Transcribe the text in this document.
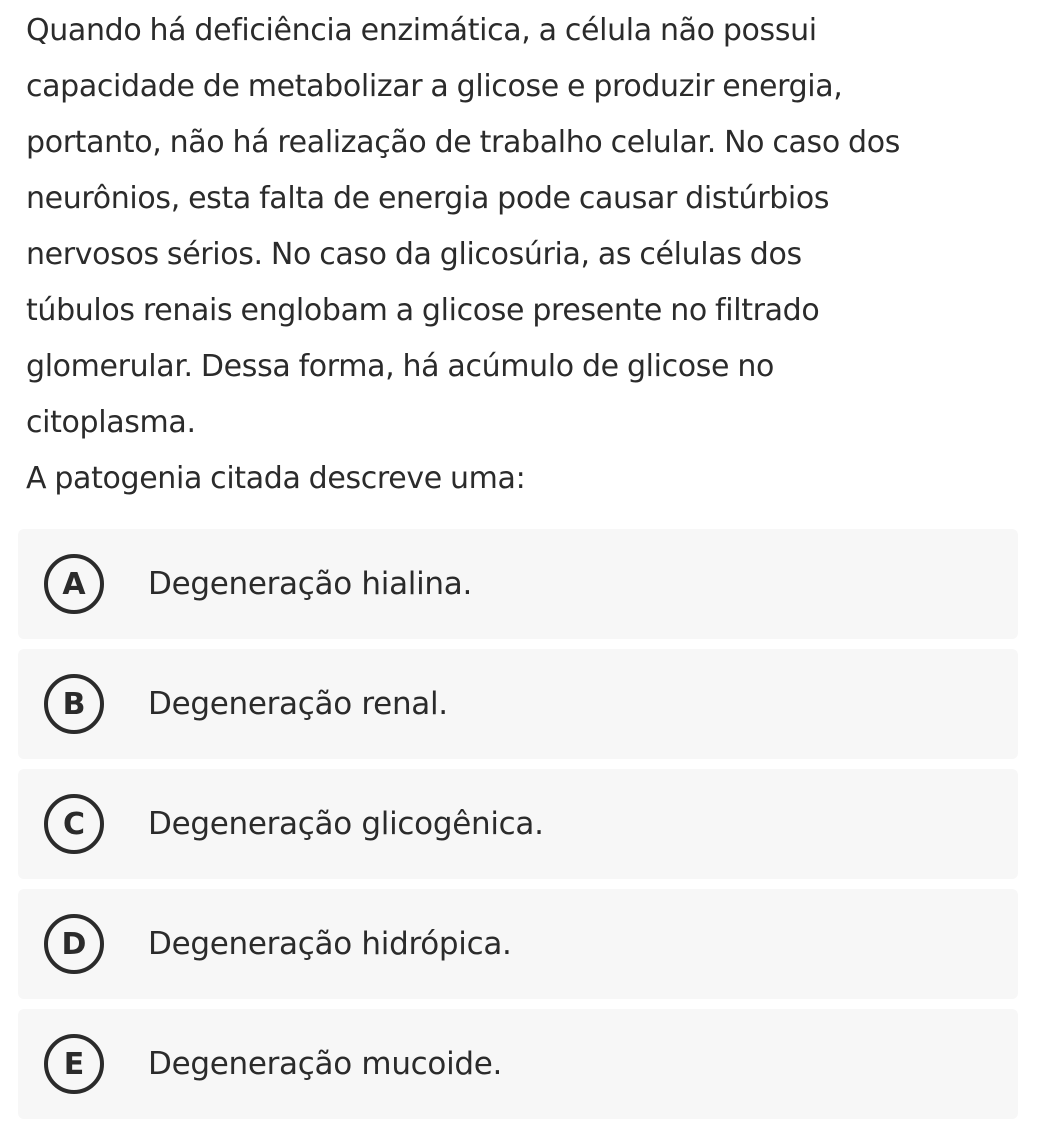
Quando há deficiência enzimática, a célula não possui

capacidade de metabolizar a glicose e produzir energia,

portanto, não há realização de trabalho celular. No caso dos

neurônios, esta falta de energia pode causar distúrbios

nervosos sérios. No caso da glicosúria, as células dos

túbulos renais englobam a glicose presente no filtrado

glomerular. Dessa forma, há acúmulo de glicose no

citoplasma.

A patogenia citada descreve uma:

A	Degeneração hialina.
B	Degeneração renal.
C	Degeneração glicogênica.
D	Degeneração hidrópica.
E	Degeneração mucoide.
